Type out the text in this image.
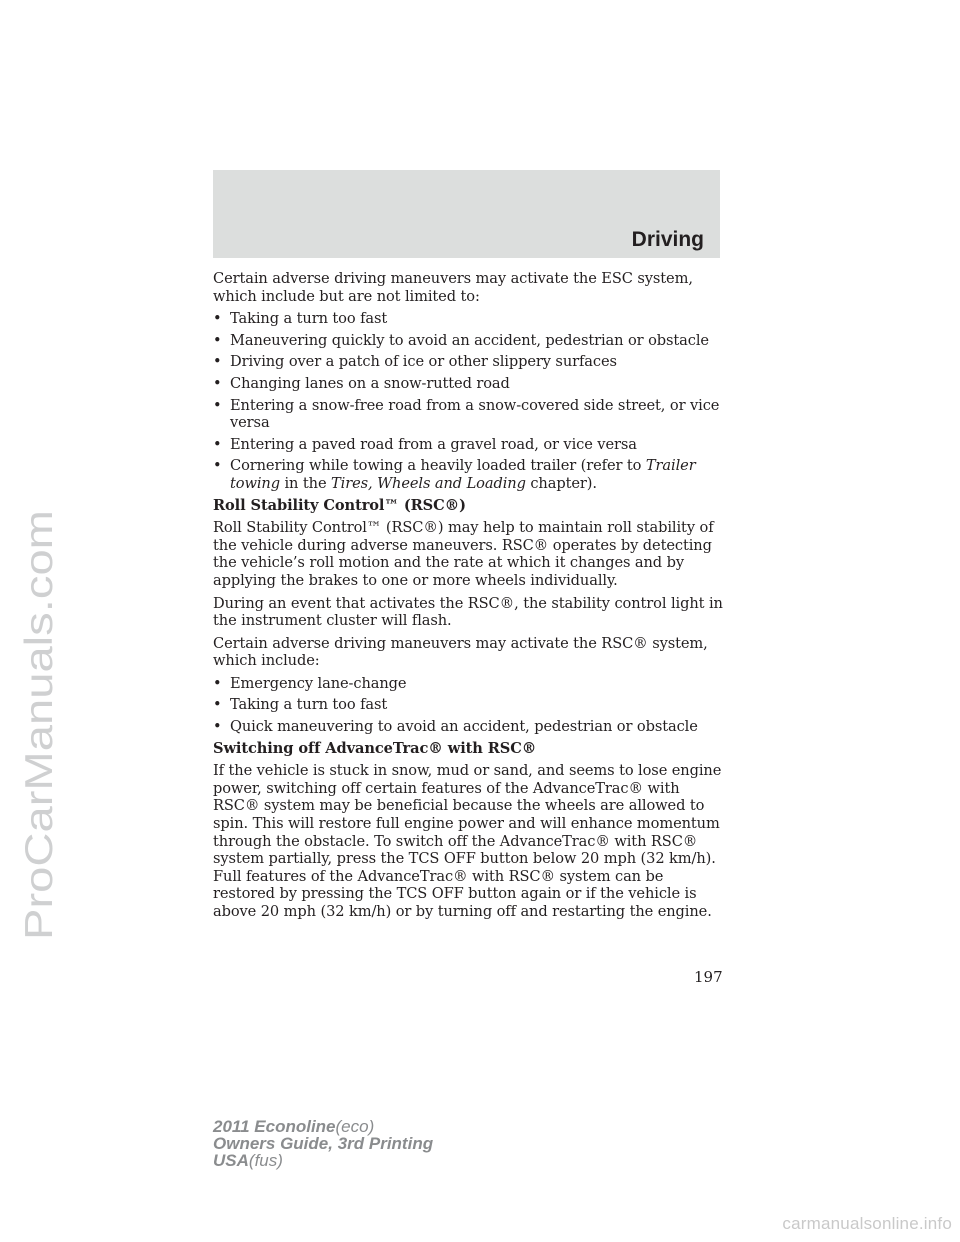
ProCarManuals.com
Driving

Certain adverse driving maneuvers may activate the ESC system, which include but are not limited to:

• Taking a turn too fast
• Maneuvering quickly to avoid an accident, pedestrian or obstacle
• Driving over a patch of ice or other slippery surfaces
• Changing lanes on a snow-rutted road
• Entering a snow-free road from a snow-covered side street, or vice versa
• Entering a paved road from a gravel road, or vice versa
• Cornering while towing a heavily loaded trailer (refer to Trailer towing in the Tires, Wheels and Loading chapter).

Roll Stability Control™ (RSC®)

Roll Stability Control™ (RSC®) may help to maintain roll stability of the vehicle during adverse maneuvers. RSC® operates by detecting the vehicle’s roll motion and the rate at which it changes and by applying the brakes to one or more wheels individually.

During an event that activates the RSC®, the stability control light in the instrument cluster will flash.

Certain adverse driving maneuvers may activate the RSC® system, which include:

• Emergency lane-change
• Taking a turn too fast
• Quick maneuvering to avoid an accident, pedestrian or obstacle

Switching off AdvanceTrac® with RSC®

If the vehicle is stuck in snow, mud or sand, and seems to lose engine power, switching off certain features of the AdvanceTrac® with RSC® system may be beneficial because the wheels are allowed to spin. This will restore full engine power and will enhance momentum through the obstacle. To switch off the AdvanceTrac® with RSC® system partially, press the TCS OFF button below 20 mph (32 km/h). Full features of the AdvanceTrac® with RSC® system can be restored by pressing the TCS OFF button again or if the vehicle is above 20 mph (32 km/h) or by turning off and restarting the engine.

197
2011 Econoline(eco)
Owners Guide, 3rd Printing
USA(fus)
carmanualsonline.info
